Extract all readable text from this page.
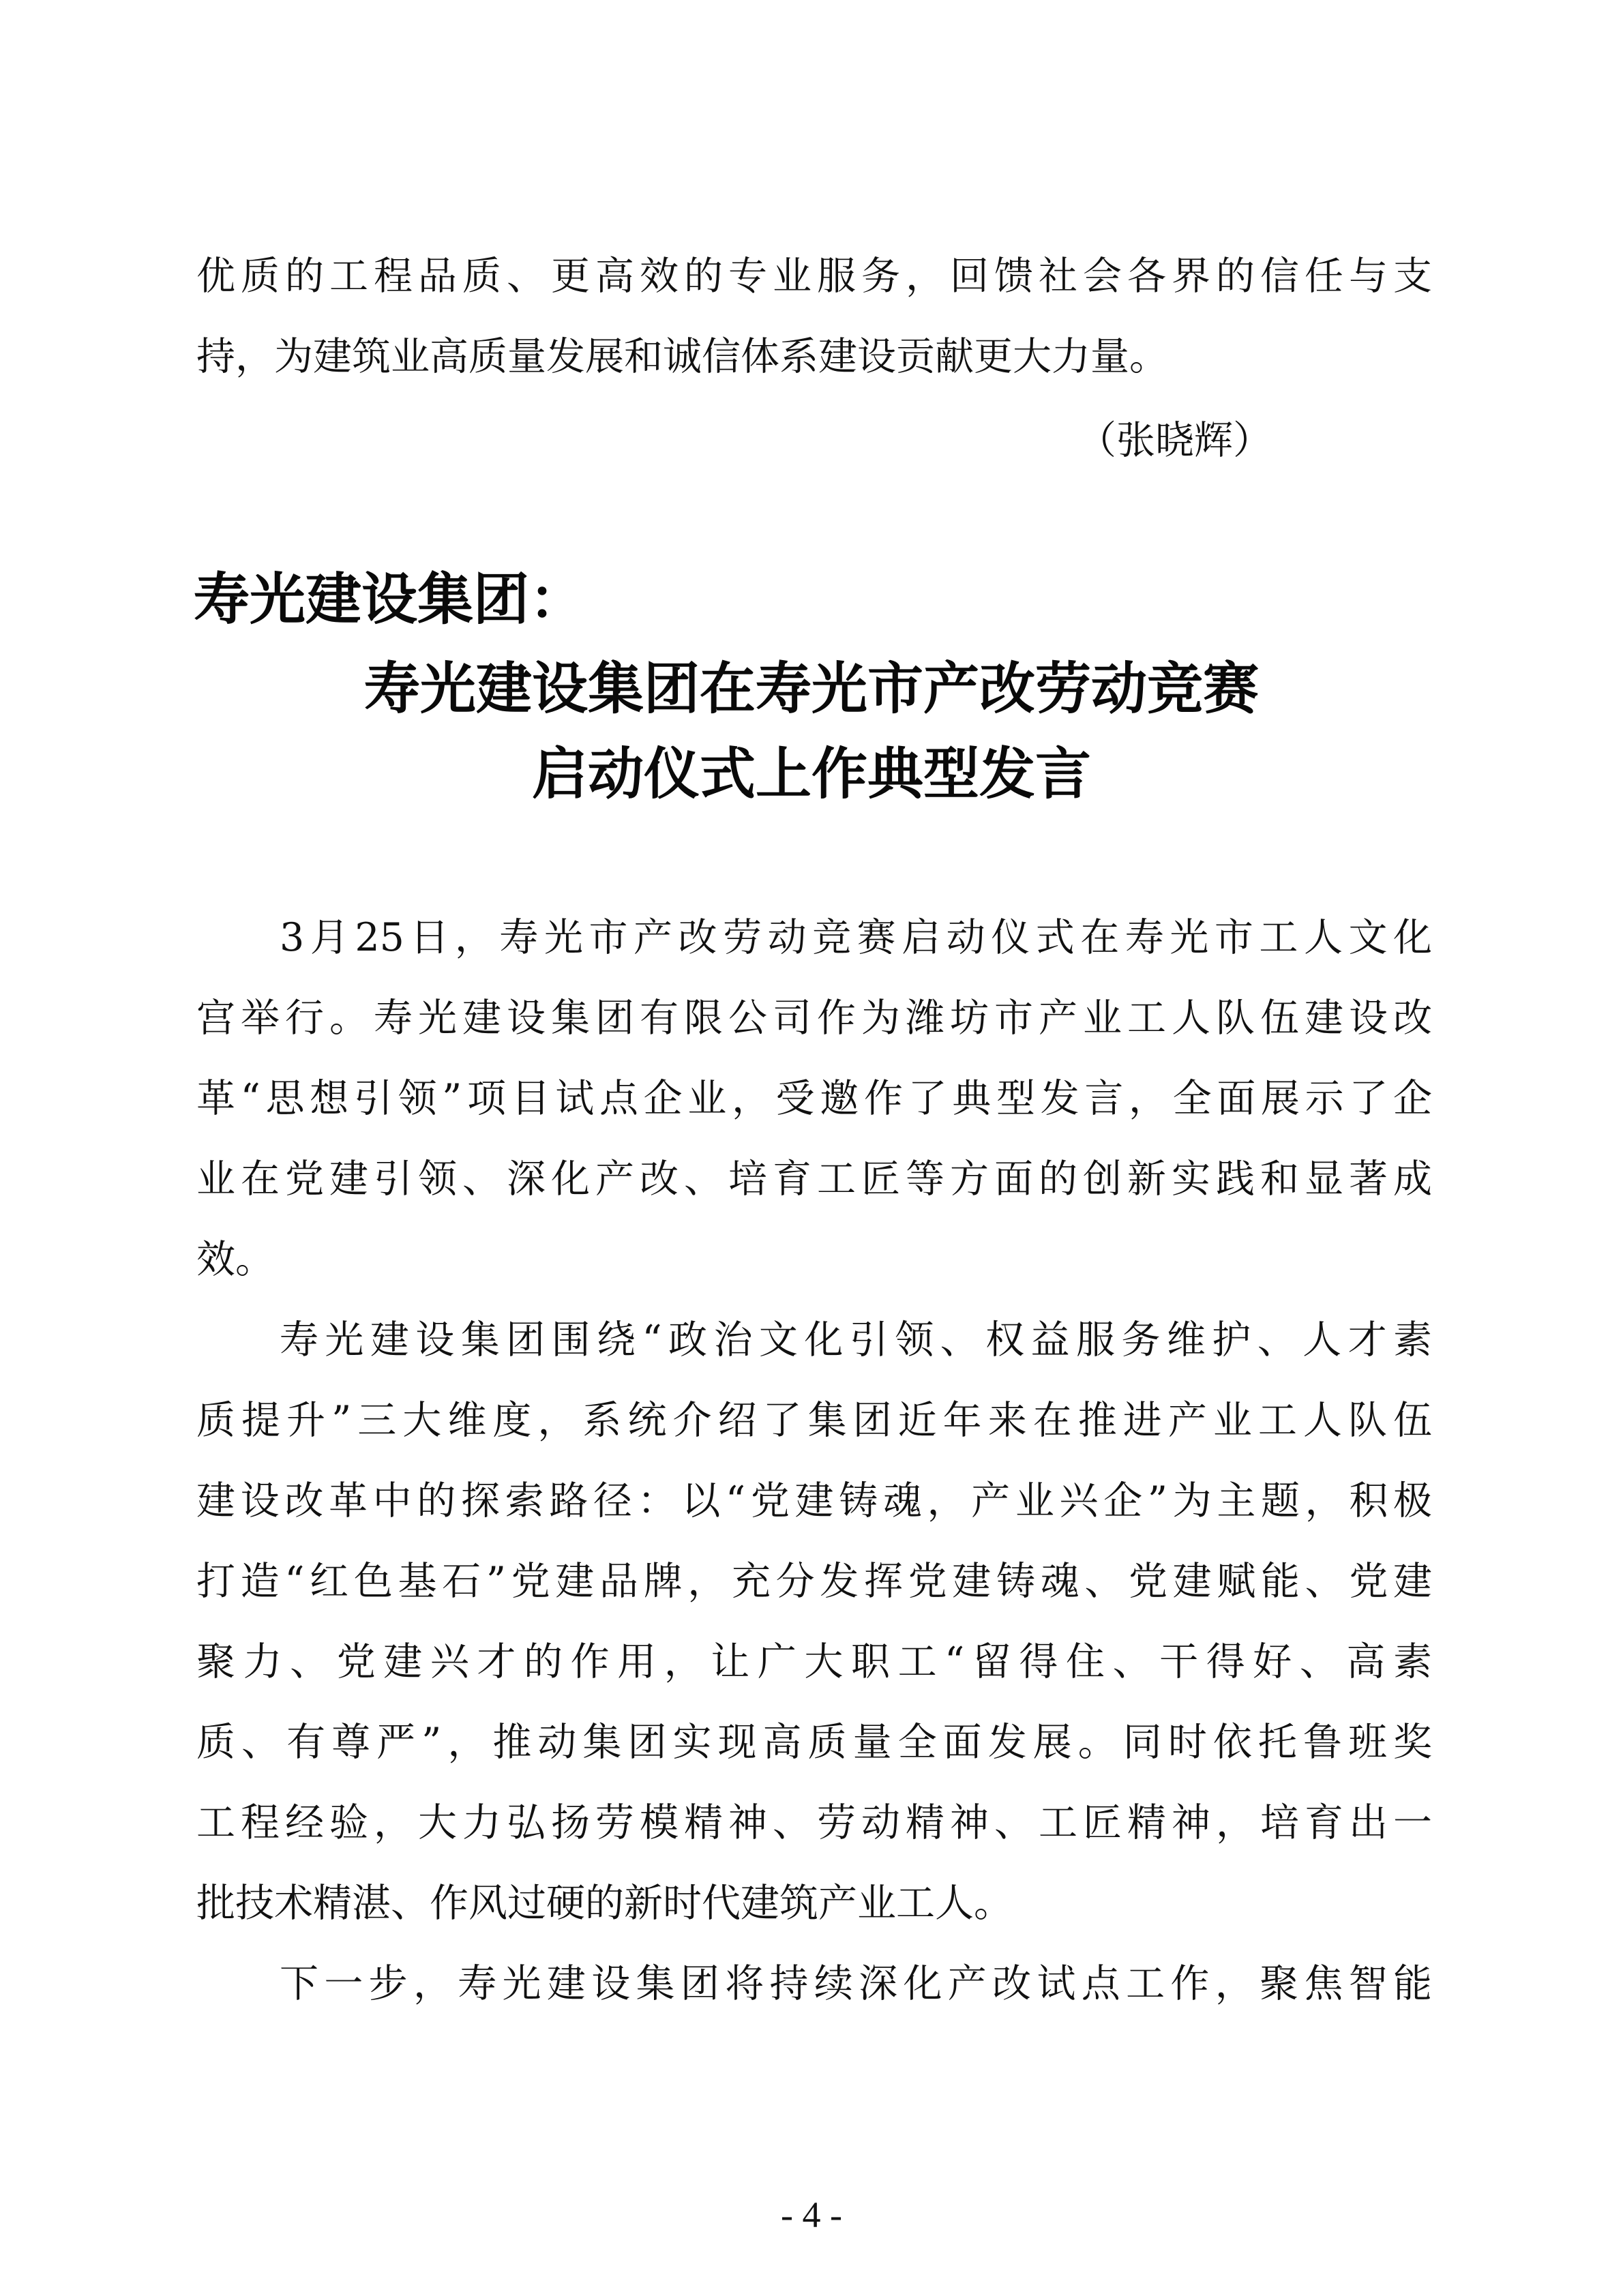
优质的工程品质、更高效的专业服务，回馈社会各界的信任与支
持，为建筑业高质量发展和诚信体系建设贡献更大力量。
（张晓辉）
寿光建设集团：
寿光建设集团在寿光市产改劳动竞赛
启动仪式上作典型发言
3月25日，寿光市产改劳动竞赛启动仪式在寿光市工人文化
宫举行。寿光建设集团有限公司作为潍坊市产业工人队伍建设改
革“思想引领”项目试点企业，受邀作了典型发言，全面展示了企
业在党建引领、深化产改、培育工匠等方面的创新实践和显著成
效。
寿光建设集团围绕“政治文化引领、权益服务维护、人才素
质提升”三大维度，系统介绍了集团近年来在推进产业工人队伍
建设改革中的探索路径：以“党建铸魂，产业兴企”为主题，积极
打造“红色基石”党建品牌，充分发挥党建铸魂、党建赋能、党建
聚力、党建兴才的作用，让广大职工“留得住、干得好、高素
质、有尊严”，推动集团实现高质量全面发展。同时依托鲁班奖
工程经验，大力弘扬劳模精神、劳动精神、工匠精神，培育出一
批技术精湛、作风过硬的新时代建筑产业工人。
下一步，寿光建设集团将持续深化产改试点工作，聚焦智能
- 4 -
